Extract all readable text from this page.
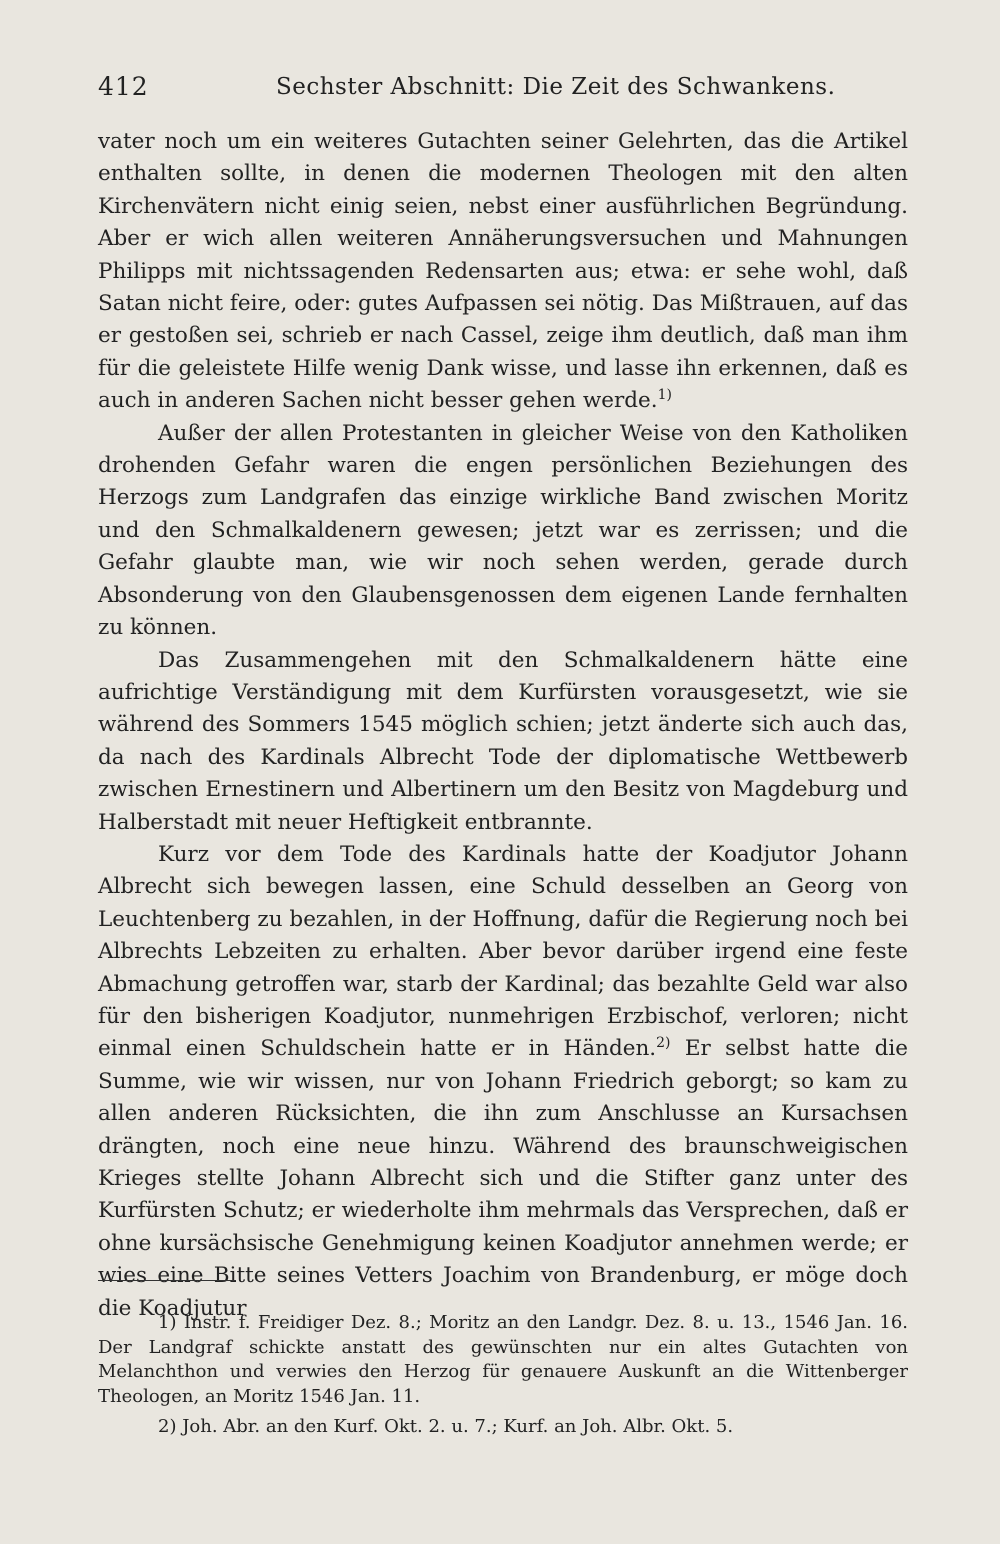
412	Sechster Abschnitt: Die Zeit des Schwankens.

vater noch um ein weiteres Gutachten seiner Gelehrten, das die Artikel enthalten sollte, in denen die modernen Theologen mit den alten Kirchenvätern nicht einig seien, nebst einer ausführlichen Begründung. Aber er wich allen weiteren Annäherungsversuchen und Mahnungen Philipps mit nichtssagenden Redensarten aus; etwa: er sehe wohl, daß Satan nicht feire, oder: gutes Aufpassen sei nötig. Das Mißtrauen, auf das er gestoßen sei, schrieb er nach Cassel, zeige ihm deutlich, daß man ihm für die geleistete Hilfe wenig Dank wisse, und lasse ihn erkennen, daß es auch in anderen Sachen nicht besser gehen werde.$^{1)}$

Außer der allen Protestanten in gleicher Weise von den Katholiken drohenden Gefahr waren die engen persönlichen Beziehungen des Herzogs zum Landgrafen das einzige wirkliche Band zwischen Moritz und den Schmalkaldenern gewesen; jetzt war es zerrissen; und die Gefahr glaubte man, wie wir noch sehen werden, gerade durch Absonderung von den Glaubensgenossen dem eigenen Lande fernhalten zu können.

Das Zusammengehen mit den Schmalkaldenern hätte eine aufrichtige Verständigung mit dem Kurfürsten vorausgesetzt, wie sie während des Sommers 1545 möglich schien; jetzt änderte sich auch das, da nach des Kardinals Albrecht Tode der diplomatische Wettbewerb zwischen Ernestinern und Albertinern um den Besitz von Magdeburg und Halberstadt mit neuer Heftigkeit entbrannte.

Kurz vor dem Tode des Kardinals hatte der Koadjutor Johann Albrecht sich bewegen lassen, eine Schuld desselben an Georg von Leuchtenberg zu bezahlen, in der Hoffnung, dafür die Regierung noch bei Albrechts Lebzeiten zu erhalten. Aber bevor darüber irgend eine feste Abmachung getroffen war, starb der Kardinal; das bezahlte Geld war also für den bisherigen Koadjutor, nunmehrigen Erzbischof, verloren; nicht einmal einen Schuldschein hatte er in Händen.$^{2)}$ Er selbst hatte die Summe, wie wir wissen, nur von Johann Friedrich geborgt; so kam zu allen anderen Rücksichten, die ihn zum Anschlusse an Kursachsen drängten, noch eine neue hinzu. Während des braunschweigischen Krieges stellte Johann Albrecht sich und die Stifter ganz unter des Kurfürsten Schutz; er wiederholte ihm mehrmals das Versprechen, daß er ohne kursächsische Genehmigung keinen Koadjutor annehmen werde; er wies eine Bitte seines Vetters Joachim von Brandenburg, er möge doch die Koadjutur

1) Instr. f. Freidiger Dez. 8.; Moritz an den Landgr. Dez. 8. u. 13., 1546 Jan. 16. Der Landgraf schickte anstatt des gewünschten nur ein altes Gutachten von Melanchthon und verwies den Herzog für genauere Auskunft an die Wittenberger Theologen, an Moritz 1546 Jan. 11.

2) Joh. Abr. an den Kurf. Okt. 2. u. 7.; Kurf. an Joh. Albr. Okt. 5.
